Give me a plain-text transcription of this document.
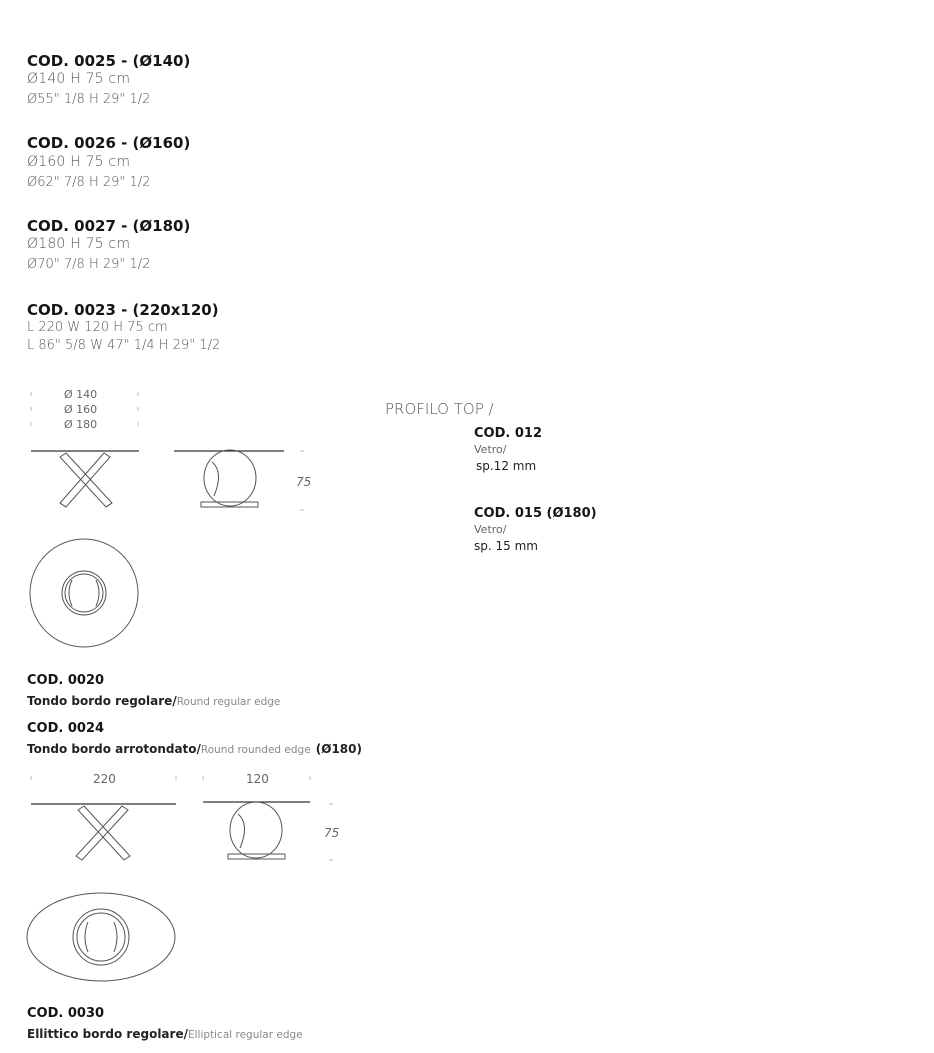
COD. 0025 - (Ø140)
Ø140 H 75 cm
Ø55" 1/8 H 29" 1/2
COD. 0026 - (Ø160)
Ø160 H 75 cm
Ø62" 7/8 H 29" 1/2
COD. 0027 - (Ø180)
Ø180 H 75 cm
Ø70" 7/8 H 29" 1/2
COD. 0023 - (220x120)
L 220 W 120 H 75 cm
L 86" 5/8 W 47" 1/4 H 29" 1/2
Ø 140
Ø 160
Ø 180
75
COD. 0020
Tondo bordo regolare/Round regular edge
COD. 0024
Tondo bordo arrotondato/Round rounded edge (Ø180)
220	120
75
COD. 0030
Ellittico bordo regolare/Elliptical regular edge
PROFILO TOP /
COD. 012
Vetro/
sp.12 mm
COD. 015 (Ø180)
Vetro/
sp. 15 mm
